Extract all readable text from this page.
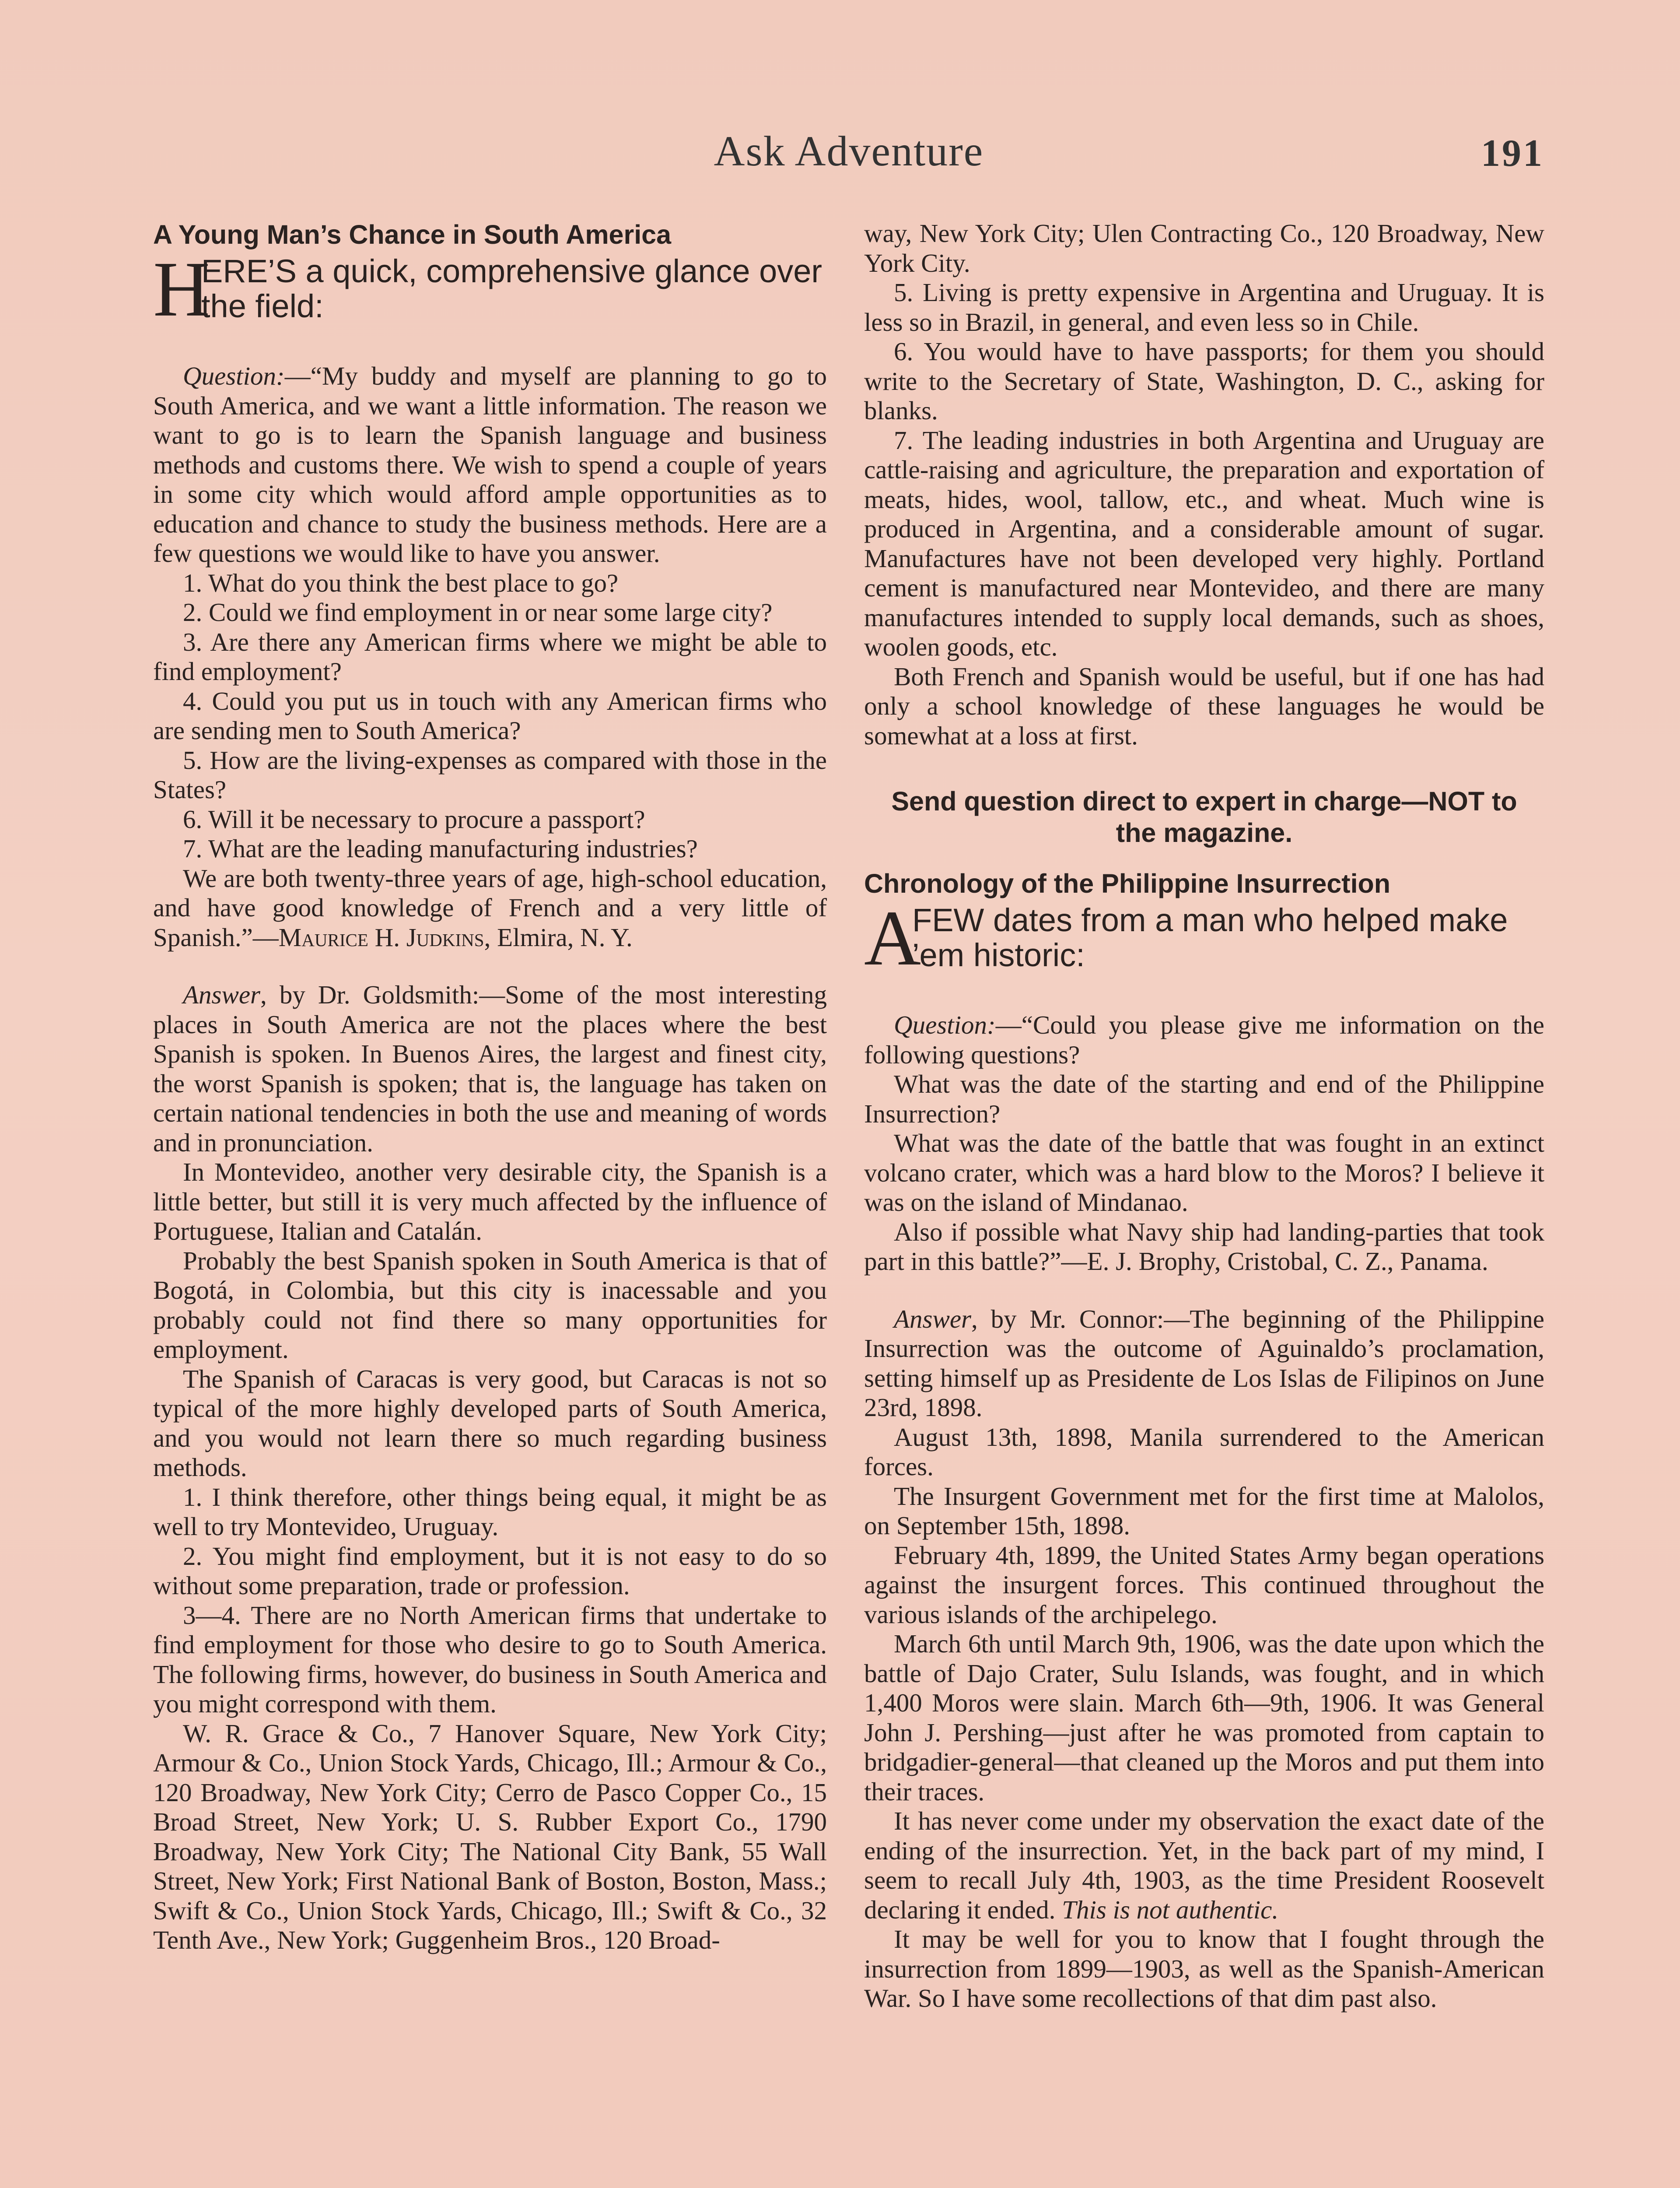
Ask Adventure	191
A Young Man’s Chance in South America
H
ERE’S a quick, comprehensive glance over the field:

Question:—“My buddy and myself are planning to go to South America, and we want a little information. The reason we want to go is to learn the Spanish language and business methods and customs there. We wish to spend a couple of years in some city which would afford ample opportunities as to education and chance to study the business methods. Here are a few questions we would like to have you answer.

1. What do you think the best place to go?

2. Could we find employment in or near some large city?

3. Are there any American firms where we might be able to find employment?

4. Could you put us in touch with any American firms who are sending men to South America?

5. How are the living-expenses as compared with those in the States?

6. Will it be necessary to procure a passport?

7. What are the leading manufacturing industries?

We are both twenty-three years of age, high-school education, and have good knowledge of French and a very little of Spanish.”—Maurice H. Judkins, Elmira, N. Y.

Answer, by Dr. Goldsmith:—Some of the most interesting places in South America are not the places where the best Spanish is spoken. In Buenos Aires, the largest and finest city, the worst Spanish is spoken; that is, the language has taken on certain national tendencies in both the use and meaning of words and in pronunciation.

In Montevideo, another very desirable city, the Spanish is a little better, but still it is very much affected by the influence of Portuguese, Italian and Catalán.

Probably the best Spanish spoken in South America is that of Bogotá, in Colombia, but this city is inacessable and you probably could not find there so many opportunities for employment.

The Spanish of Caracas is very good, but Caracas is not so typical of the more highly developed parts of South America, and you would not learn there so much regarding business methods.

1. I think therefore, other things being equal, it might be as well to try Montevideo, Uruguay.

2. You might find employment, but it is not easy to do so without some preparation, trade or profession.

3—4. There are no North American firms that undertake to find employment for those who desire to go to South America. The following firms, however, do business in South America and you might correspond with them.

W. R. Grace & Co., 7 Hanover Square, New York City; Armour & Co., Union Stock Yards, Chicago, Ill.; Armour & Co., 120 Broadway, New York City; Cerro de Pasco Copper Co., 15 Broad Street, New York; U. S. Rubber Export Co., 1790 Broadway, New York City; The National City Bank, 55 Wall Street, New York; First National Bank of Boston, Boston, Mass.; Swift & Co., Union Stock Yards, Chicago, Ill.; Swift & Co., 32 Tenth Ave., New York; Guggenheim Bros., 120 Broad-

way, New York City; Ulen Contracting Co., 120 Broadway, New York City.

5. Living is pretty expensive in Argentina and Uruguay. It is less so in Brazil, in general, and even less so in Chile.

6. You would have to have passports; for them you should write to the Secretary of State, Washington, D. C., asking for blanks.

7. The leading industries in both Argentina and Uruguay are cattle-raising and agriculture, the preparation and exportation of meats, hides, wool, tallow, etc., and wheat. Much wine is produced in Argentina, and a considerable amount of sugar. Manufactures have not been developed very highly. Portland cement is manufactured near Montevideo, and there are many manufactures intended to supply local demands, such as shoes, woolen goods, etc.

Both French and Spanish would be useful, but if one has had only a school knowledge of these languages he would be somewhat at a loss at first.

Send question direct to expert in charge—NOT to the magazine.
Chronology of the Philippine Insurrection
A
FEW dates from a man who helped make ’em historic:

Question:—“Could you please give me information on the following questions?

What was the date of the starting and end of the Philippine Insurrection?

What was the date of the battle that was fought in an extinct volcano crater, which was a hard blow to the Moros? I believe it was on the island of Mindanao.

Also if possible what Navy ship had landing-parties that took part in this battle?”—E. J. Brophy, Cristobal, C. Z., Panama.

Answer, by Mr. Connor:—The beginning of the Philippine Insurrection was the outcome of Aguinaldo’s proclamation, setting himself up as Presidente de Los Islas de Filipinos on June 23rd, 1898.

August 13th, 1898, Manila surrendered to the American forces.

The Insurgent Government met for the first time at Malolos, on September 15th, 1898.

February 4th, 1899, the United States Army began operations against the insurgent forces. This continued throughout the various islands of the archipelego.

March 6th until March 9th, 1906, was the date upon which the battle of Dajo Crater, Sulu Islands, was fought, and in which 1,400 Moros were slain. March 6th—9th, 1906. It was General John J. Pershing—just after he was promoted from captain to bridgadier-general—that cleaned up the Moros and put them into their traces.

It has never come under my observation the exact date of the ending of the insurrection. Yet, in the back part of my mind, I seem to recall July 4th, 1903, as the time President Roosevelt declaring it ended. This is not authentic.

It may be well for you to know that I fought through the insurrection from 1899—1903, as well as the Spanish-American War. So I have some recollections of that dim past also.
